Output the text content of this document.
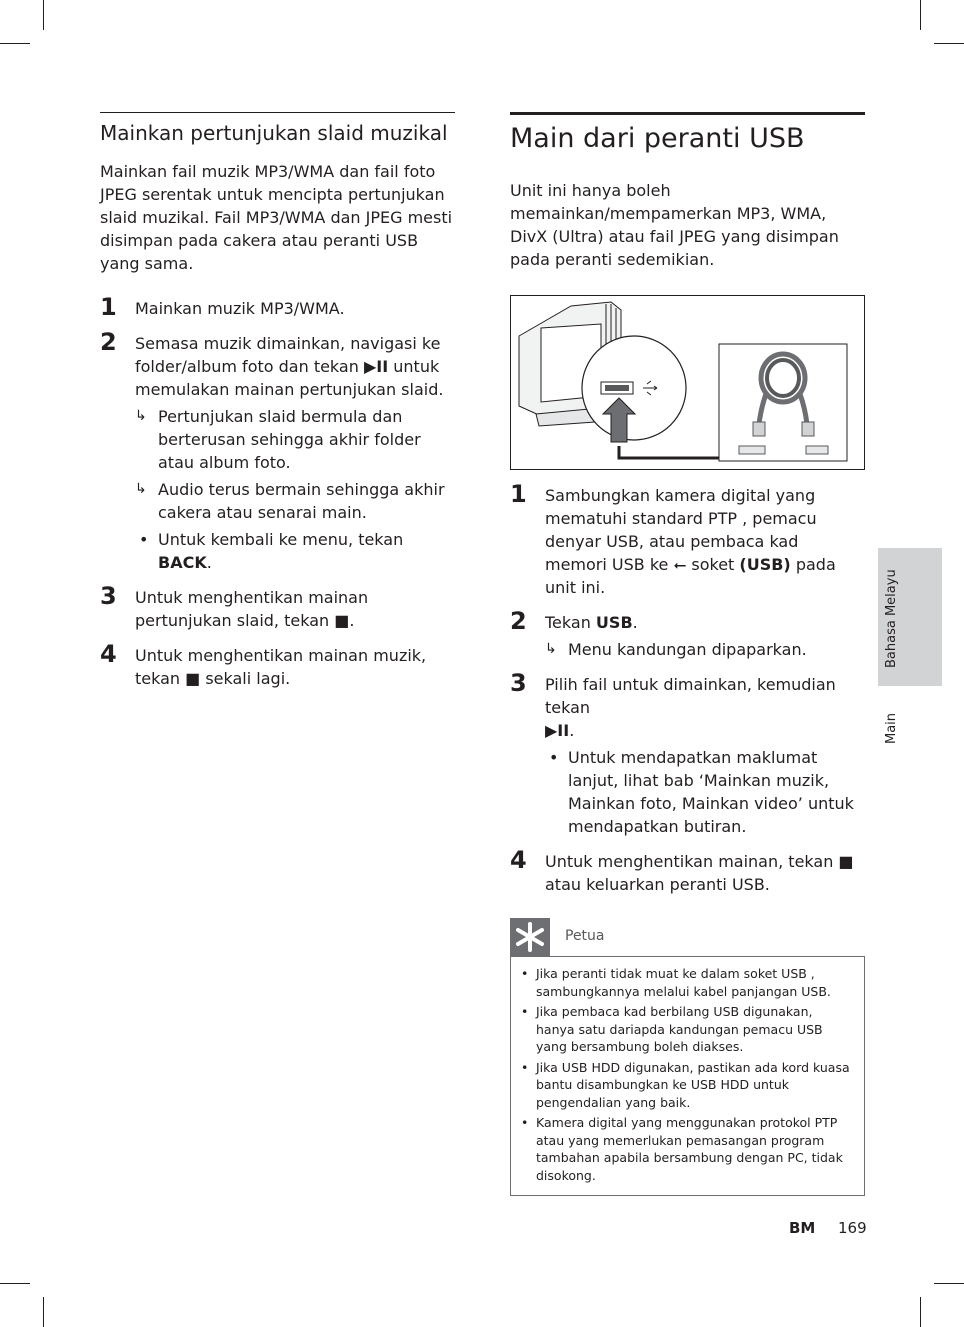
Mainkan pertunjukan slaid muzikal

Mainkan fail muzik MP3/WMA dan fail foto JPEG serentak untuk mencipta pertunjukan slaid muzikal. Fail MP3/WMA dan JPEG mesti disimpan pada cakera atau peranti USB yang sama.

1 Mainkan muzik MP3/WMA.
2 Semasa muzik dimainkan, navigasi ke folder/album foto dan tekan ▶II untuk memulakan mainan pertunjukan slaid.
↳ Pertunjukan slaid bermula dan berterusan sehingga akhir folder atau album foto.
↳ Audio terus bermain sehingga akhir cakera atau senarai main.
• Untuk kembali ke menu, tekan BACK.
3 Untuk menghentikan mainan pertunjukan slaid, tekan ■.
4 Untuk menghentikan mainan muzik, tekan ■ sekali lagi.
Main dari peranti USB

Unit ini hanya boleh memainkan/mempamerkan MP3, WMA, DivX (Ultra) atau fail JPEG yang disimpan pada peranti sedemikian.

1 Sambungkan kamera digital yang mematuhi standard PTP , pemacu denyar USB, atau pembaca kad memori USB ke ⭠ soket (USB) pada unit ini.
2 Tekan USB.
↳ Menu kandungan dipaparkan.
3 Pilih fail untuk dimainkan, kemudian tekan
▶II.
• Untuk mendapatkan maklumat lanjut, lihat bab ‘Mainkan muzik, Mainkan foto, Mainkan video’ untuk mendapatkan butiran.
4 Untuk menghentikan mainan, tekan ■ atau keluarkan peranti USB.
Petua
• Jika peranti tidak muat ke dalam soket USB , sambungkannya melalui kabel panjangan USB.
• Jika pembaca kad berbilang USB digunakan, hanya satu dariapda kandungan pemacu USB yang bersambung boleh diakses.
• Jika USB HDD digunakan, pastikan ada kord kuasa bantu disambungkan ke USB HDD untuk pengendalian yang baik.
• Kamera digital yang menggunakan protokol PTP atau yang memerlukan pemasangan program tambahan apabila bersambung dengan PC, tidak disokong.
Bahasa Melayu
Main
BM 169
